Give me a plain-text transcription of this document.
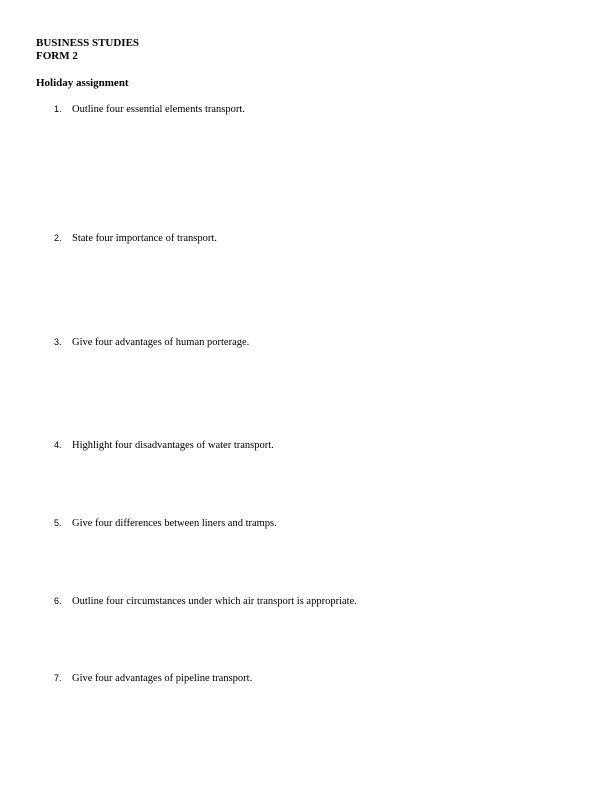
BUSINESS STUDIES
FORM 2
Holiday assignment
1. Outline four essential elements transport.
2. State four importance of transport.
3. Give four advantages of human porterage.
4. Highlight four disadvantages of water transport.
5. Give four differences between liners and tramps.
6. Outline four circumstances under which air transport is appropriate.
7. Give four advantages of pipeline transport.
